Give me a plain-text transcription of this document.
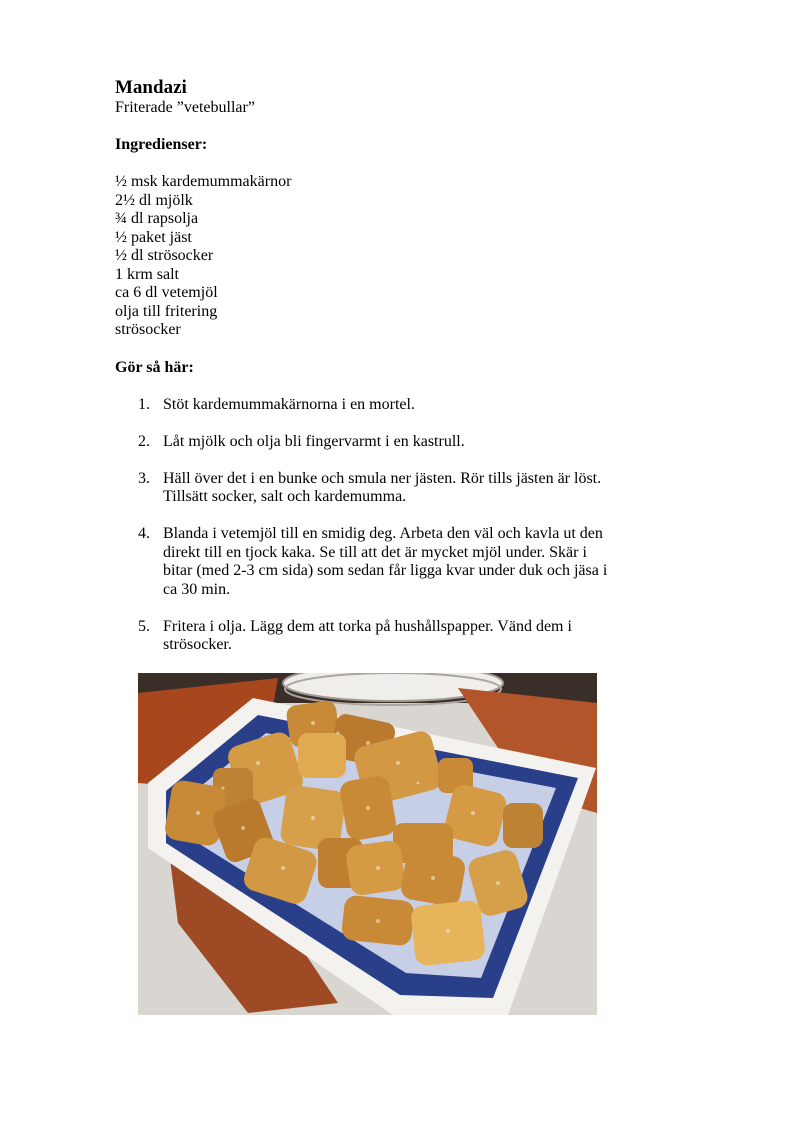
Mandazi

Friterade ”vetebullar”

Ingredienser:

½ msk kardemummakärnor
2½ dl mjölk
¾ dl rapsolja
½ paket jäst
½ dl strösocker
1 krm salt
ca 6 dl vetemjöl
olja till fritering
strösocker

Gör så här:

1. Stöt kardemummakärnorna i en mortel.
2. Låt mjölk och olja bli fingervarmt i en kastrull.
3. Häll över det i en bunke och smula ner jästen. Rör tills jästen är löst. Tillsätt socker, salt och kardemumma.
4. Blanda i vetemjöl till en smidig deg. Arbeta den väl och kavla ut den direkt till en tjock kaka. Se till att det är mycket mjöl under. Skär i bitar (med 2-3 cm sida) som sedan får ligga kvar under duk och jäsa i ca 30 min.
5. Fritera i olja. Lägg dem att torka på hushållspapper. Vänd dem i strösocker.
